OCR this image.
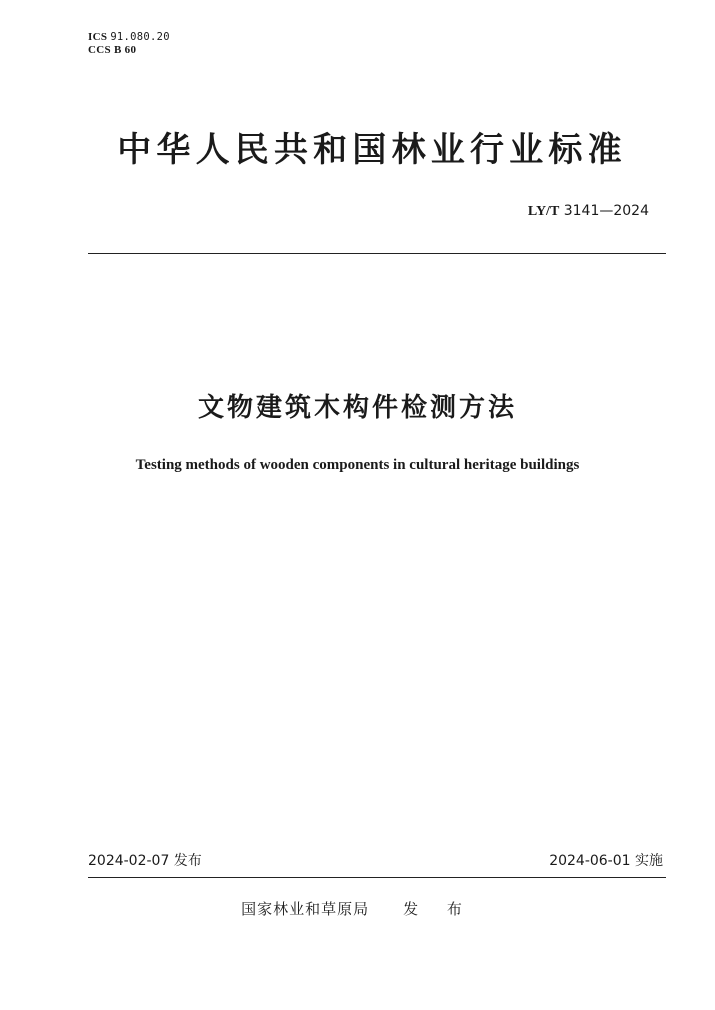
ICS 91.080.20
CCS B 60
中华人民共和国林业行业标准
LY/T 3141—2024
文物建筑木构件检测方法
Testing methods of wooden components in cultural heritage buildings
2024-02-07 发布	2024-06-01 实施
国家林业和草原局 发 布
